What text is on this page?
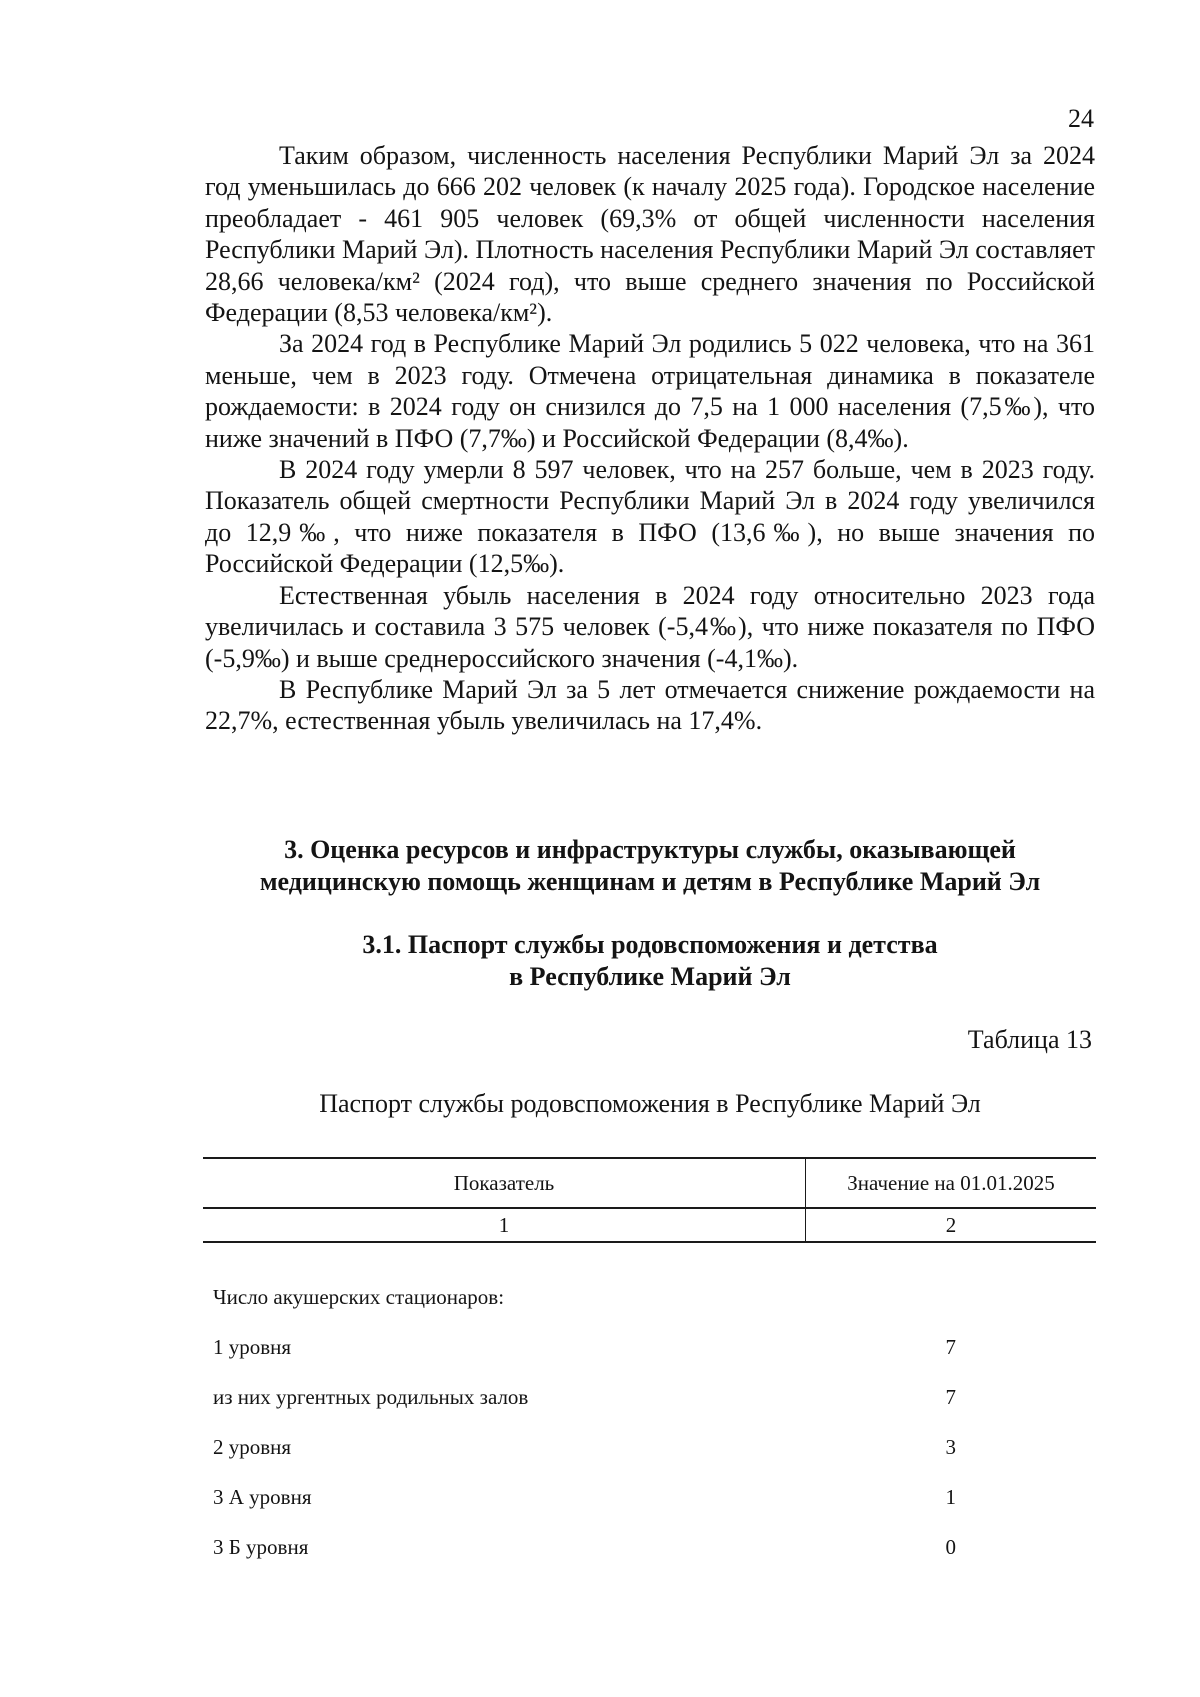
24

Таким образом, численность населения Республики Марий Эл за 2024 год уменьшилась до 666 202 человек (к началу 2025 года). Городское население преобладает - 461 905 человек (69,3% от общей численности населения Республики Марий Эл). Плотность населения Республики Марий Эл составляет 28,66 человека/км² (2024 год), что выше среднего значения по Российской Федерации (8,53 человека/км²).

За 2024 год в Республике Марий Эл родились 5 022 человека, что на 361 меньше, чем в 2023 году. Отмечена отрицательная динамика в показателе рождаемости: в 2024 году он снизился до 7,5 на 1 000 населения (7,5‰), что ниже значений в ПФО (7,7‰) и Российской Федерации (8,4‰).

В 2024 году умерли 8 597 человек, что на 257 больше, чем в 2023 году. Показатель общей смертности Республики Марий Эл в 2024 году увеличился до 12,9‰, что ниже показателя в ПФО (13,6‰), но выше значения по Российской Федерации (12,5‰).

Естественная убыль населения в 2024 году относительно 2023 года увеличилась и составила 3 575 человек (-5,4‰), что ниже показателя по ПФО (-5,9‰) и выше среднероссийского значения (-4,1‰).

В Республике Марий Эл за 5 лет отмечается снижение рождаемости на 22,7%, естественная убыль увеличилась на 17,4%.

3. Оценка ресурсов и инфраструктуры службы, оказывающей
медицинскую помощь женщинам и детям в Республике Марий Эл
3.1. Паспорт службы родовспоможения и детства
в Республике Марий Эл
Таблица 13
Паспорт службы родовспоможения в Республике Марий Эл
Показатель	Значение на 01.01.2025
1	2
Число акушерских стационаров:	
1 уровня	7
из них ургентных родильных залов	7
2 уровня	3
3 А уровня	1
3 Б уровня	0
